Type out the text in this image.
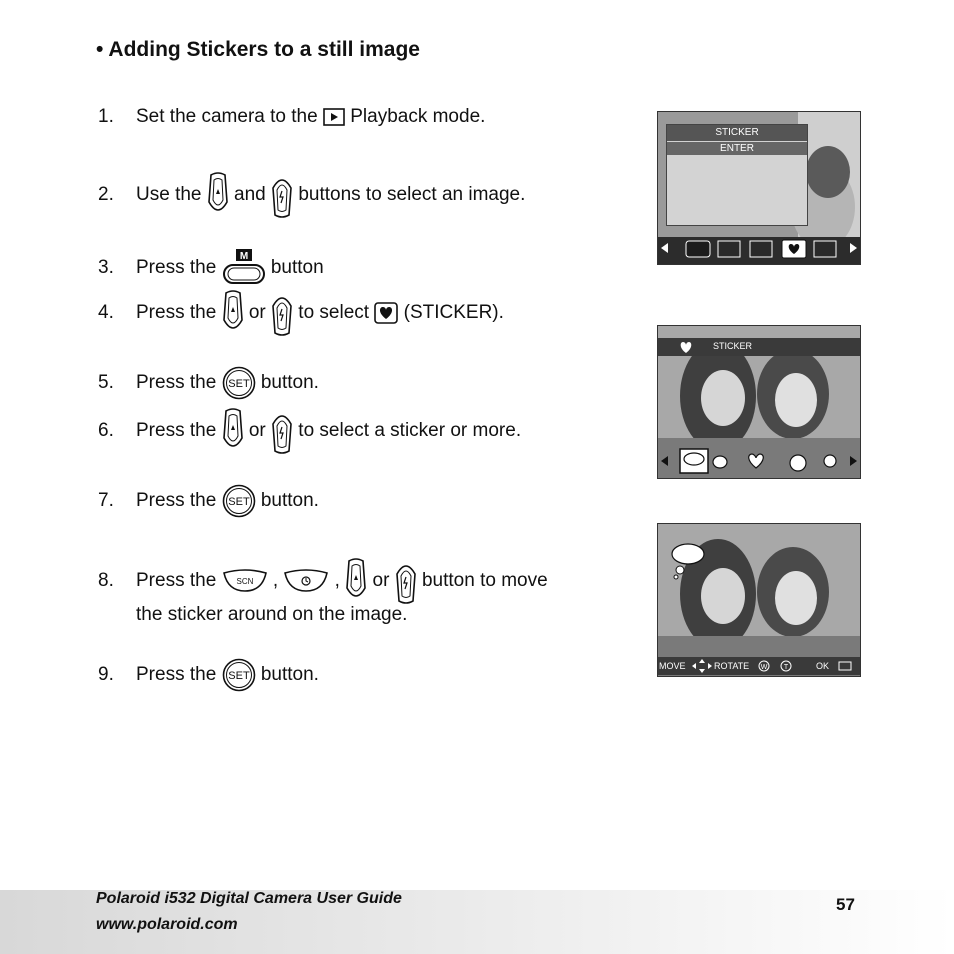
• Adding Stickers to a still image
1. Set the camera to the Playback mode.
2. Use the and buttons to select an image.
3. Press the
M
button
4. Press the or to select (STICKER).
5. Press the SET button.
6. Press the or to select a sticker or more.
7. Press the SET button.
8. Press the SCN ,	, or button to move
the sticker around on the image.
9. Press the SET button.
STICKER
ENTER
STICKER
MOVE	ROTATE W T	OK
Polaroid i532 Digital Camera User Guide
www.polaroid.com
57
